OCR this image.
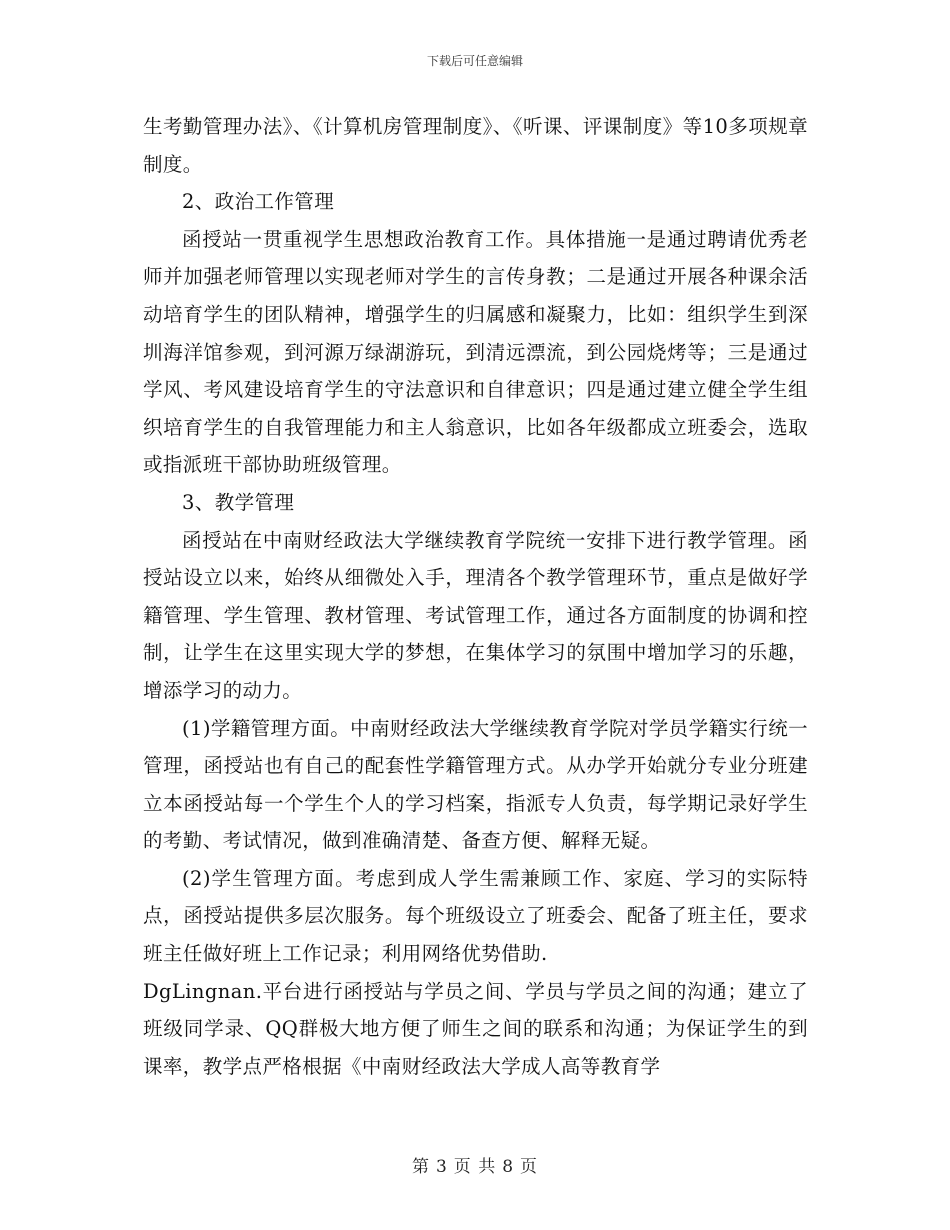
下载后可任意编辑

生考勤管理办法》、《计算机房管理制度》、《听课、评课制度》等10多项规章制度。

2、政治工作管理

函授站一贯重视学生思想政治教育工作。具体措施一是通过聘请优秀老师并加强老师管理以实现老师对学生的言传身教；二是通过开展各种课余活动培育学生的团队精神，增强学生的归属感和凝聚力，比如：组织学生到深圳海洋馆参观，到河源万绿湖游玩，到清远漂流，到公园烧烤等；三是通过学风、考风建设培育学生的守法意识和自律意识；四是通过建立健全学生组织培育学生的自我管理能力和主人翁意识，比如各年级都成立班委会，选取或指派班干部协助班级管理。

3、教学管理

函授站在中南财经政法大学继续教育学院统一安排下进行教学管理。函授站设立以来，始终从细微处入手，理清各个教学管理环节，重点是做好学籍管理、学生管理、教材管理、考试管理工作，通过各方面制度的协调和控制，让学生在这里实现大学的梦想，在集体学习的氛围中增加学习的乐趣，增添学习的动力。

(1)学籍管理方面。中南财经政法大学继续教育学院对学员学籍实行统一管理，函授站也有自己的配套性学籍管理方式。从办学开始就分专业分班建立本函授站每一个学生个人的学习档案，指派专人负责，每学期记录好学生的考勤、考试情况，做到准确清楚、备查方便、解释无疑。

(2)学生管理方面。考虑到成人学生需兼顾工作、家庭、学习的实际特点，函授站提供多层次服务。每个班级设立了班委会、配备了班主任，要求班主任做好班上工作记录；利用网络优势借助.

DgLingnan.平台进行函授站与学员之间、学员与学员之间的沟通；建立了班级同学录、QQ群极大地方便了师生之间的联系和沟通；为保证学生的到课率，教学点严格根据《中南财经政法大学成人高等教育学

第 3 页 共 8 页
